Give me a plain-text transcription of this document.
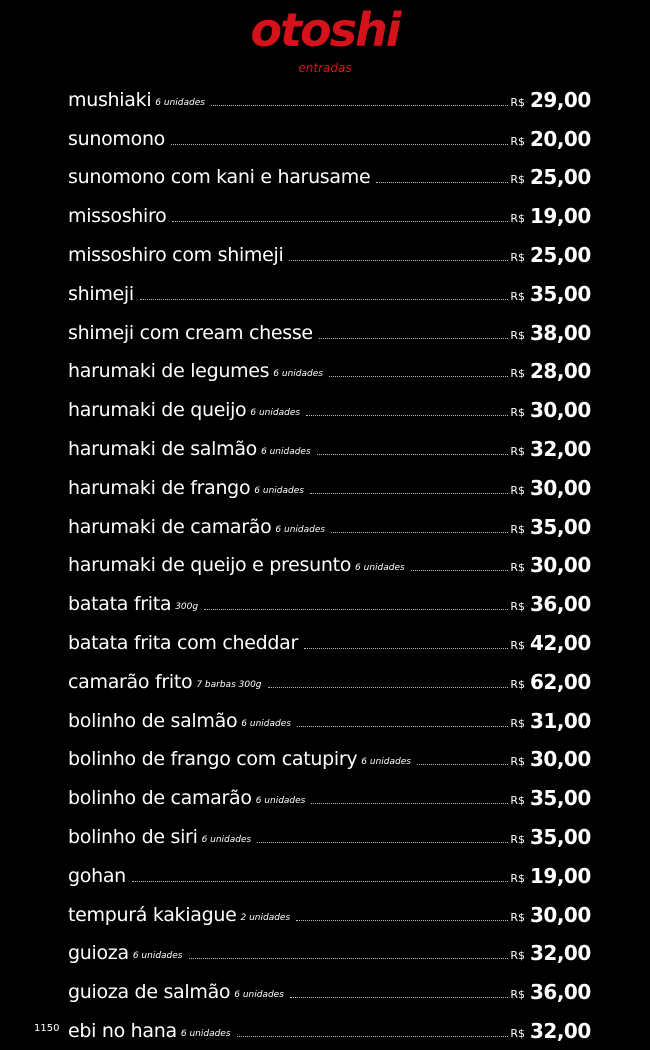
otoshi
entradas
mushiaki 6 unidades	R$ 29,00
sunomono	R$ 20,00
sunomono com kani e harusame	R$ 25,00
missoshiro	R$ 19,00
missoshiro com shimeji	R$ 25,00
shimeji	R$ 35,00
shimeji com cream chesse	R$ 38,00
harumaki de legumes 6 unidades	R$ 28,00
harumaki de queijo 6 unidades	R$ 30,00
harumaki de salmão 6 unidades	R$ 32,00
harumaki de frango 6 unidades	R$ 30,00
harumaki de camarão 6 unidades	R$ 35,00
harumaki de queijo e presunto 6 unidades	R$ 30,00
batata frita 300g	R$ 36,00
batata frita com cheddar	R$ 42,00
camarão frito 7 barbas 300g	R$ 62,00
bolinho de salmão 6 unidades	R$ 31,00
bolinho de frango com catupiry 6 unidades	R$ 30,00
bolinho de camarão 6 unidades	R$ 35,00
bolinho de siri 6 unidades	R$ 35,00
gohan	R$ 19,00
tempurá kakiague 2 unidades	R$ 30,00
guioza 6 unidades	R$ 32,00
guioza de salmão 6 unidades	R$ 36,00
ebi no hana 6 unidades	R$ 32,00
1150
